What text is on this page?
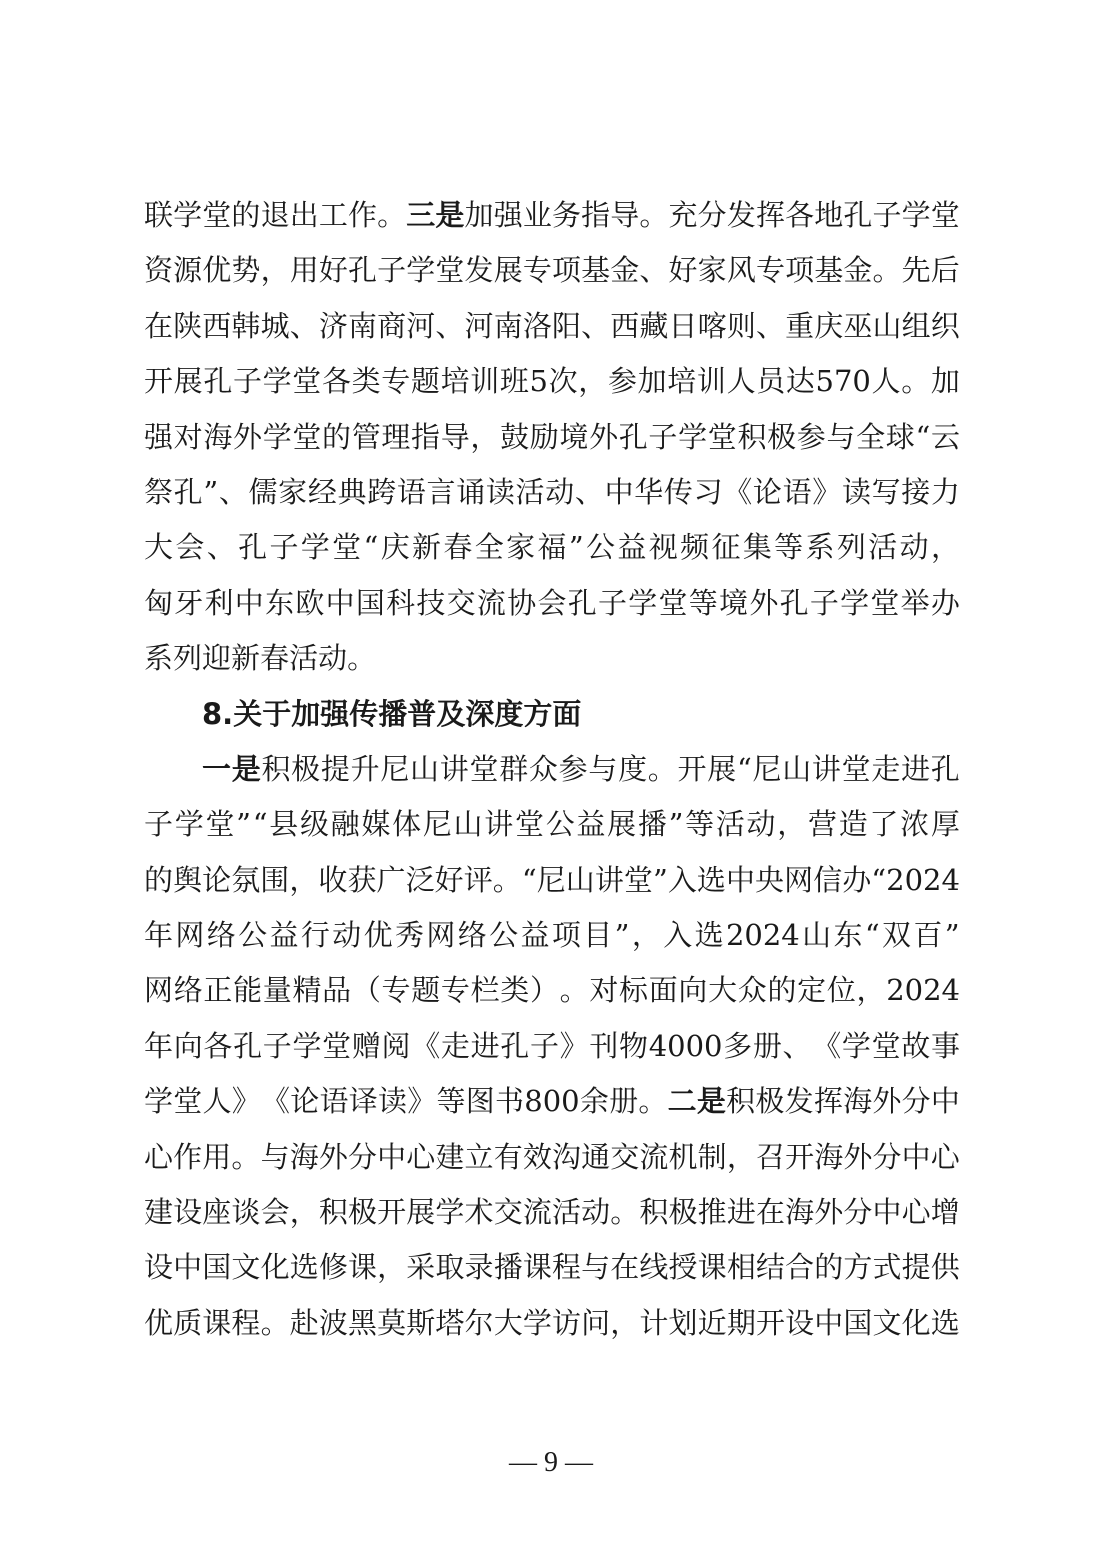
联 学 堂 的 退 出 工 作 。 三 是 加 强 业 务 指 导 。 充 分 发 挥 各 地 孔 子 学 堂
资 源 优 势 ， 用 好 孔 子 学 堂 发 展 专 项 基 金 、 好 家 风 专 项 基 金 。 先 后
在 陕 西 韩 城 、 济 南 商 河 、 河 南 洛 阳 、 西 藏 日 喀 则 、 重 庆 巫 山 组 织
开 展 孔 子 学 堂 各 类 专 题 培 训 班 5 次 ， 参 加 培 训 人 员 达 570 人 。 加
强 对 海 外 学 堂 的 管 理 指 导 ， 鼓 励 境 外 孔 子 学 堂 积 极 参 与 全 球 “ 云
祭 孔 ” 、 儒 家 经 典 跨 语 言 诵 读 活 动 、 中 华 传 习 《 论 语 》 读 写 接 力
大 会 、 孔 子 学 堂 “ 庆 新 春 全 家 福 ” 公 益 视 频 征 集 等 系 列 活 动 ，
匈 牙 利 中 东 欧 中 国 科 技 交 流 协 会 孔 子 学 堂 等 境 外 孔 子 学 堂 举 办
系 列 迎 新 春 活 动 。
8. 关 于 加 强 传 播 普 及 深 度 方 面
一 是 积 极 提 升 尼 山 讲 堂 群 众 参 与 度 。 开 展 “ 尼 山 讲 堂 走 进 孔
子 学 堂 ” “ 县 级 融 媒 体 尼 山 讲 堂 公 益 展 播 ” 等 活 动 ， 营 造 了 浓 厚
的 舆 论 氛 围 ， 收 获 广 泛 好 评 。 “ 尼 山 讲 堂 ” 入 选 中 央 网 信 办 “ 2024
年 网 络 公 益 行 动 优 秀 网 络 公 益 项 目 ” ， 入 选 2024 山 东 “ 双 百 ”
网 络 正 能 量 精 品 （ 专 题 专 栏 类 ） 。 对 标 面 向 大 众 的 定 位 ， 2024
年 向 各 孔 子 学 堂 赠 阅 《 走 进 孔 子 》 刊 物 4000 多 册 、 《 学 堂 故 事
学 堂 人 》 《 论 语 译 读 》 等 图 书 800 余 册 。 二 是 积 极 发 挥 海 外 分 中
心 作 用 。 与 海 外 分 中 心 建 立 有 效 沟 通 交 流 机 制 ， 召 开 海 外 分 中 心
建 设 座 谈 会 ， 积 极 开 展 学 术 交 流 活 动 。 积 极 推 进 在 海 外 分 中 心 增
设 中 国 文 化 选 修 课 ， 采 取 录 播 课 程 与 在 线 授 课 相 结 合 的 方 式 提 供
优 质 课 程 。 赴 波 黑 莫 斯 塔 尔 大 学 访 问 ， 计 划 近 期 开 设 中 国 文 化 选
— 9 —
